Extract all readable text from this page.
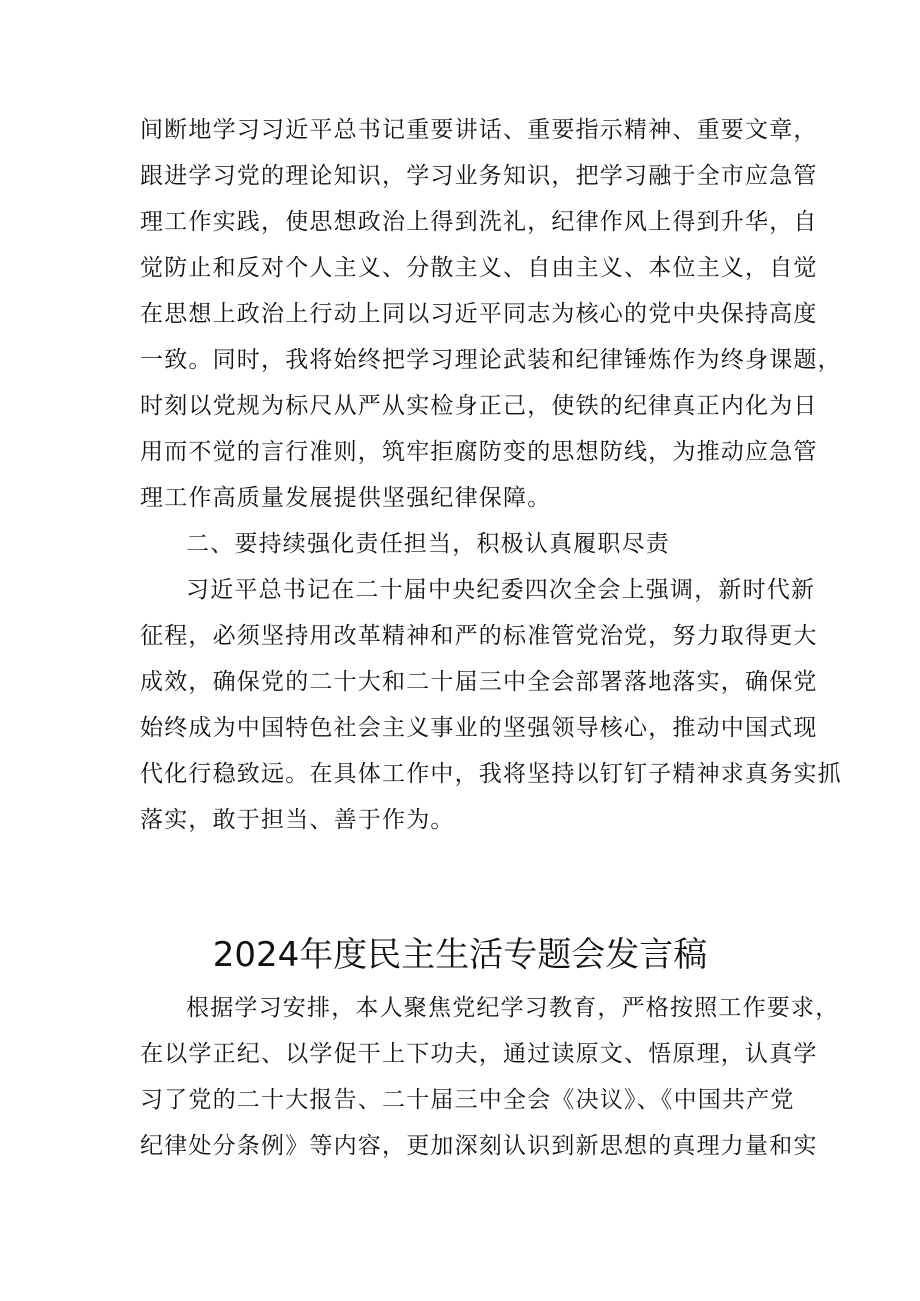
间断地学习习近平总书记重要讲话、重要指示精神、重要文章，
跟进学习党的理论知识，学习业务知识，把学习融于全市应急管
理工作实践，使思想政治上得到洗礼，纪律作风上得到升华，自
觉防止和反对个人主义、分散主义、自由主义、本位主义，自觉
在思想上政治上行动上同以习近平同志为核心的党中央保持高度
一致。同时，我将始终把学习理论武装和纪律锤炼作为终身课题，
时刻以党规为标尺从严从实检身正己，使铁的纪律真正内化为日
用而不觉的言行准则，筑牢拒腐防变的思想防线，为推动应急管
理工作高质量发展提供坚强纪律保障。
二、要持续强化责任担当，积极认真履职尽责
习近平总书记在二十届中央纪委四次全会上强调，新时代新
征程，必须坚持用改革精神和严的标准管党治党，努力取得更大
成效，确保党的二十大和二十届三中全会部署落地落实，确保党
始终成为中国特色社会主义事业的坚强领导核心，推动中国式现
代化行稳致远。在具体工作中，我将坚持以钉钉子精神求真务实抓
落实，敢于担当、善于作为。
2024年度民主生活专题会发言稿
根据学习安排，本人聚焦党纪学习教育，严格按照工作要求，
在以学正纪、以学促干上下功夫，通过读原文、悟原理，认真学
习了党的二十大报告、二十届三中全会《决议》、《中国共产党
纪律处分条例》等内容，更加深刻认识到新思想的真理力量和实
